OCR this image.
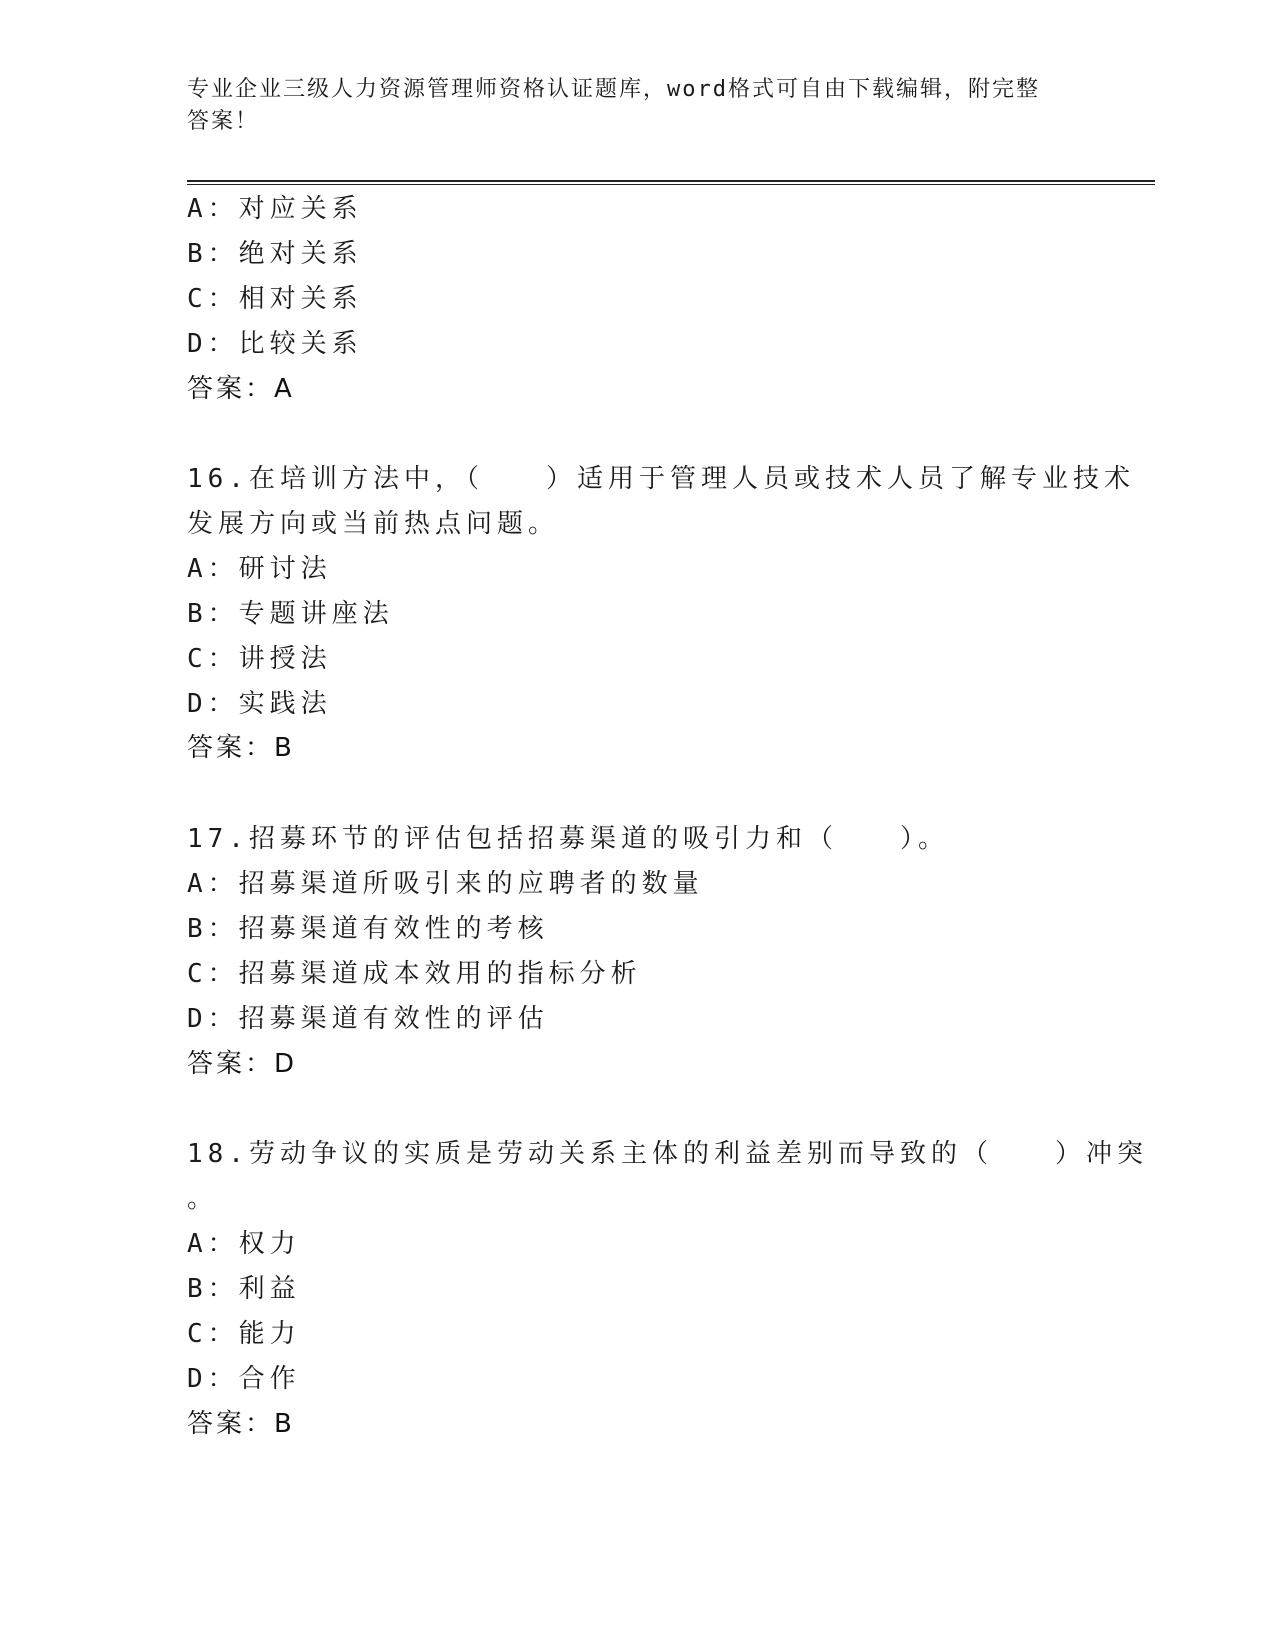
专业企业三级人力资源管理师资格认证题库，word格式可自由下载编辑，附完整
答案！
A：对应关系
B：绝对关系
C：相对关系
D：比较关系
答案：A
16.在培训方法中，（　　）适用于管理人员或技术人员了解专业技术
发展方向或当前热点问题。
A：研讨法
B：专题讲座法
C：讲授法
D：实践法
答案：B
17.招募环节的评估包括招募渠道的吸引力和（　　）。
A：招募渠道所吸引来的应聘者的数量
B：招募渠道有效性的考核
C：招募渠道成本效用的指标分析
D：招募渠道有效性的评估
答案：D
18.劳动争议的实质是劳动关系主体的利益差别而导致的（　　）冲突
。
A：权力
B：利益
C：能力
D：合作
答案：B
